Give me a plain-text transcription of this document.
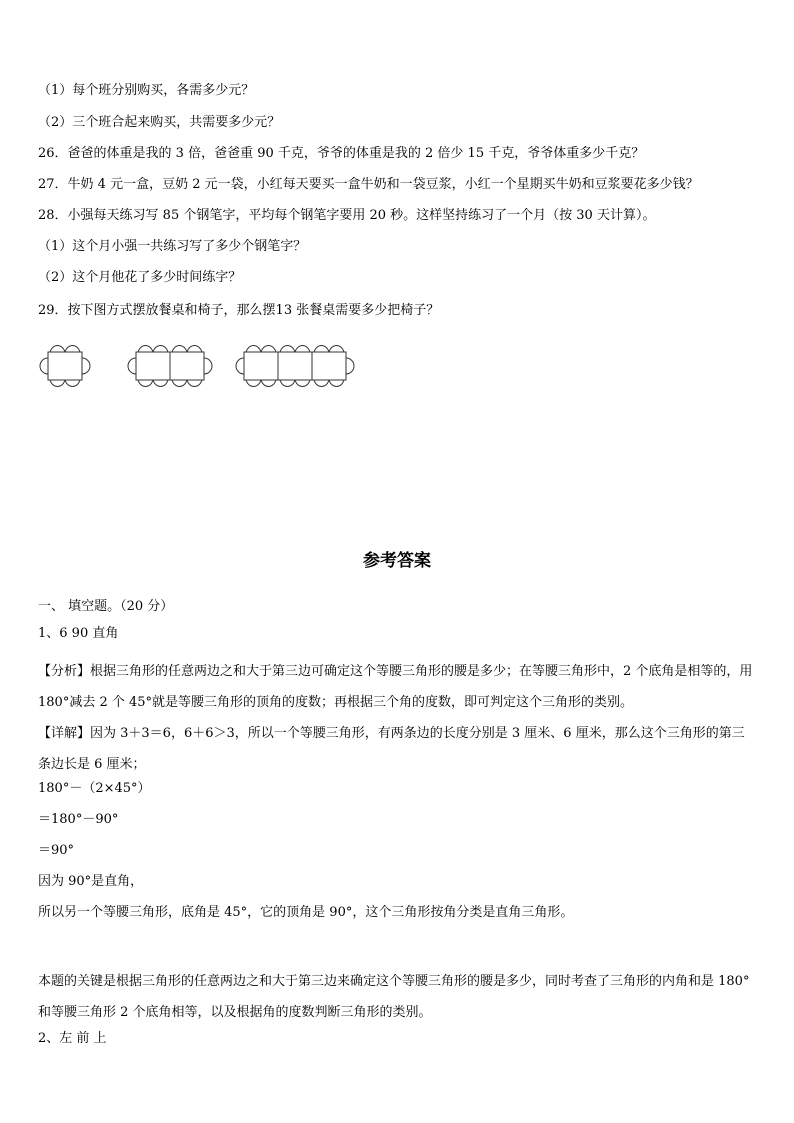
（1）每个班分别购买，各需多少元？
（2）三个班合起来购买，共需要多少元？
26．爸爸的体重是我的 3 倍，爸爸重 90 千克，爷爷的体重是我的 2 倍少 15 千克，爷爷体重多少千克？
27．牛奶 4 元一盒，豆奶 2 元一袋，小红每天要买一盒牛奶和一袋豆浆，小红一个星期买牛奶和豆浆要花多少钱？
28．小强每天练习写 85 个钢笔字，平均每个钢笔字要用 20 秒。这样坚持练习了一个月（按 30 天计算）。
（1）这个月小强一共练习写了多少个钢笔字？
（2）这个月他花了多少时间练字？
29．按下图方式摆放餐桌和椅子，那么摆13 张餐桌需要多少把椅子？
参考答案
一、 填空题。（20 分）
1、6 90 直角
【分析】根据三角形的任意两边之和大于第三边可确定这个等腰三角形的腰是多少；在等腰三角形中，2 个底角是相等的，用 180°减去 2 个 45°就是等腰三角形的顶角的度数；再根据三个角的度数，即可判定这个三角形的类别。
【详解】因为 3＋3＝6，6＋6＞3，所以一个等腰三角形，有两条边的长度分别是 3 厘米、6 厘米，那么这个三角形的第三条边长是 6 厘米；
180°－（2×45°）
＝180°－90°
＝90°
因为 90°是直角，
所以另一个等腰三角形，底角是 45°，它的顶角是 90°，这个三角形按角分类是直角三角形。
本题的关键是根据三角形的任意两边之和大于第三边来确定这个等腰三角形的腰是多少，同时考查了三角形的内角和是 180°和等腰三角形 2 个底角相等，以及根据角的度数判断三角形的类别。
2、左 前 上
